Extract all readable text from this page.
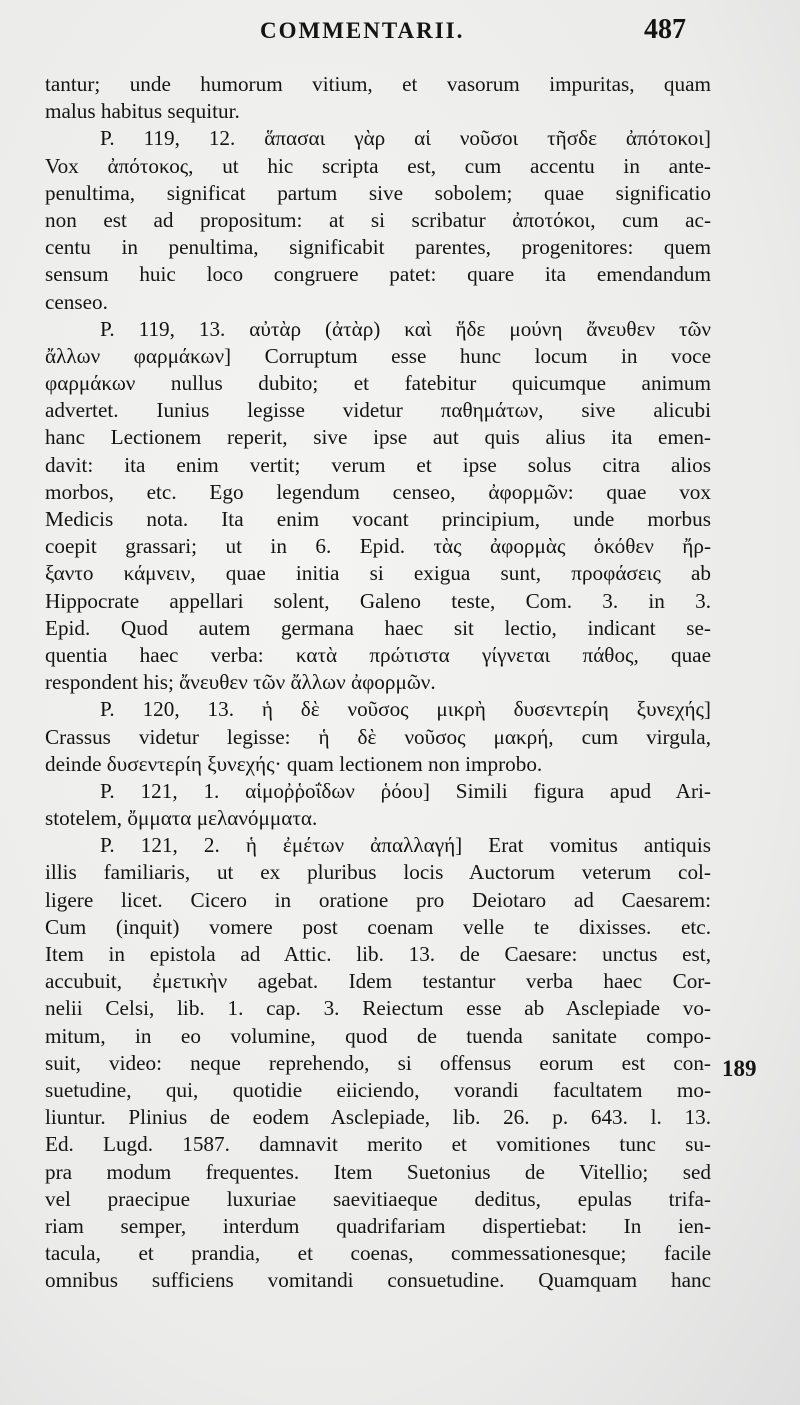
COMMENTARII.	487
tantur; unde humorum vitium, et vasorum impuritas, quam
malus habitus sequitur.
P. 119, 12. ἅπασαι γὰρ αἱ νοῦσοι τῆσδε ἀπότοκοι]
Vox ἀπότοκος, ut hic scripta est, cum accentu in ante-
penultima, significat partum sive sobolem; quae significatio
non est ad propositum: at si scribatur ἀποτόκοι, cum ac-
centu in penultima, significabit parentes, progenitores: quem
sensum huic loco congruere patet: quare ita emendandum
censeo.
P. 119, 13. αὐτὰρ (ἀτὰρ) καὶ ἥδε μούνη ἄνευθεν τῶν
ἄλλων φαρμάκων] Corruptum esse hunc locum in voce
φαρμάκων nullus dubito; et fatebitur quicumque animum
advertet. Iunius legisse videtur παθημάτων, sive alicubi
hanc Lectionem reperit, sive ipse aut quis alius ita emen-
davit: ita enim vertit; verum et ipse solus citra alios
morbos, etc. Ego legendum censeo, ἀφορμῶν: quae vox
Medicis nota. Ita enim vocant principium, unde morbus
coepit grassari; ut in 6. Epid. τὰς ἀφορμὰς ὁκόθεν ἤρ-
ξαντο κάμνειν, quae initia si exigua sunt, προφάσεις ab
Hippocrate appellari solent, Galeno teste, Com. 3. in 3.
Epid. Quod autem germana haec sit lectio, indicant se-
quentia haec verba: κατὰ πρώτιστα γίγνεται πάθος, quae
respondent his; ἄνευθεν τῶν ἄλλων ἀφορμῶν.
P. 120, 13. ἡ δὲ νοῦσος μικρὴ δυσεντερίη ξυνεχής]
Crassus videtur legisse: ἡ δὲ νοῦσος μακρή, cum virgula,
deinde δυσεντερίη ξυνεχής· quam lectionem non improbo.
P. 121, 1. αἱμοῤῥοΐδων ῥόου] Simili figura apud Ari-
stotelem, ὄμματα μελανόμματα.
P. 121, 2. ἡ ἐμέτων ἀπαλλαγή] Erat vomitus antiquis
illis familiaris, ut ex pluribus locis Auctorum veterum col-
ligere licet. Cicero in oratione pro Deiotaro ad Caesarem:
Cum (inquit) vomere post coenam velle te dixisses. etc.
Item in epistola ad Attic. lib. 13. de Caesare: unctus est,
accubuit, ἐμετικὴν agebat. Idem testantur verba haec Cor-
nelii Celsi, lib. 1. cap. 3. Reiectum esse ab Asclepiade vo-
mitum, in eo volumine, quod de tuenda sanitate compo-
suit, video: neque reprehendo, si offensus eorum est con-
suetudine, qui, quotidie eiiciendo, vorandi facultatem mo-
liuntur. Plinius de eodem Asclepiade, lib. 26. p. 643. l. 13.
Ed. Lugd. 1587. damnavit merito et vomitiones tunc su-
pra modum frequentes. Item Suetonius de Vitellio; sed
vel praecipue luxuriae saevitiaeque deditus, epulas trifa-
riam semper, interdum quadrifariam dispertiebat: In ien-
tacula, et prandia, et coenas, commessationesque; facile
omnibus sufficiens vomitandi consuetudine. Quamquam hanc
189
